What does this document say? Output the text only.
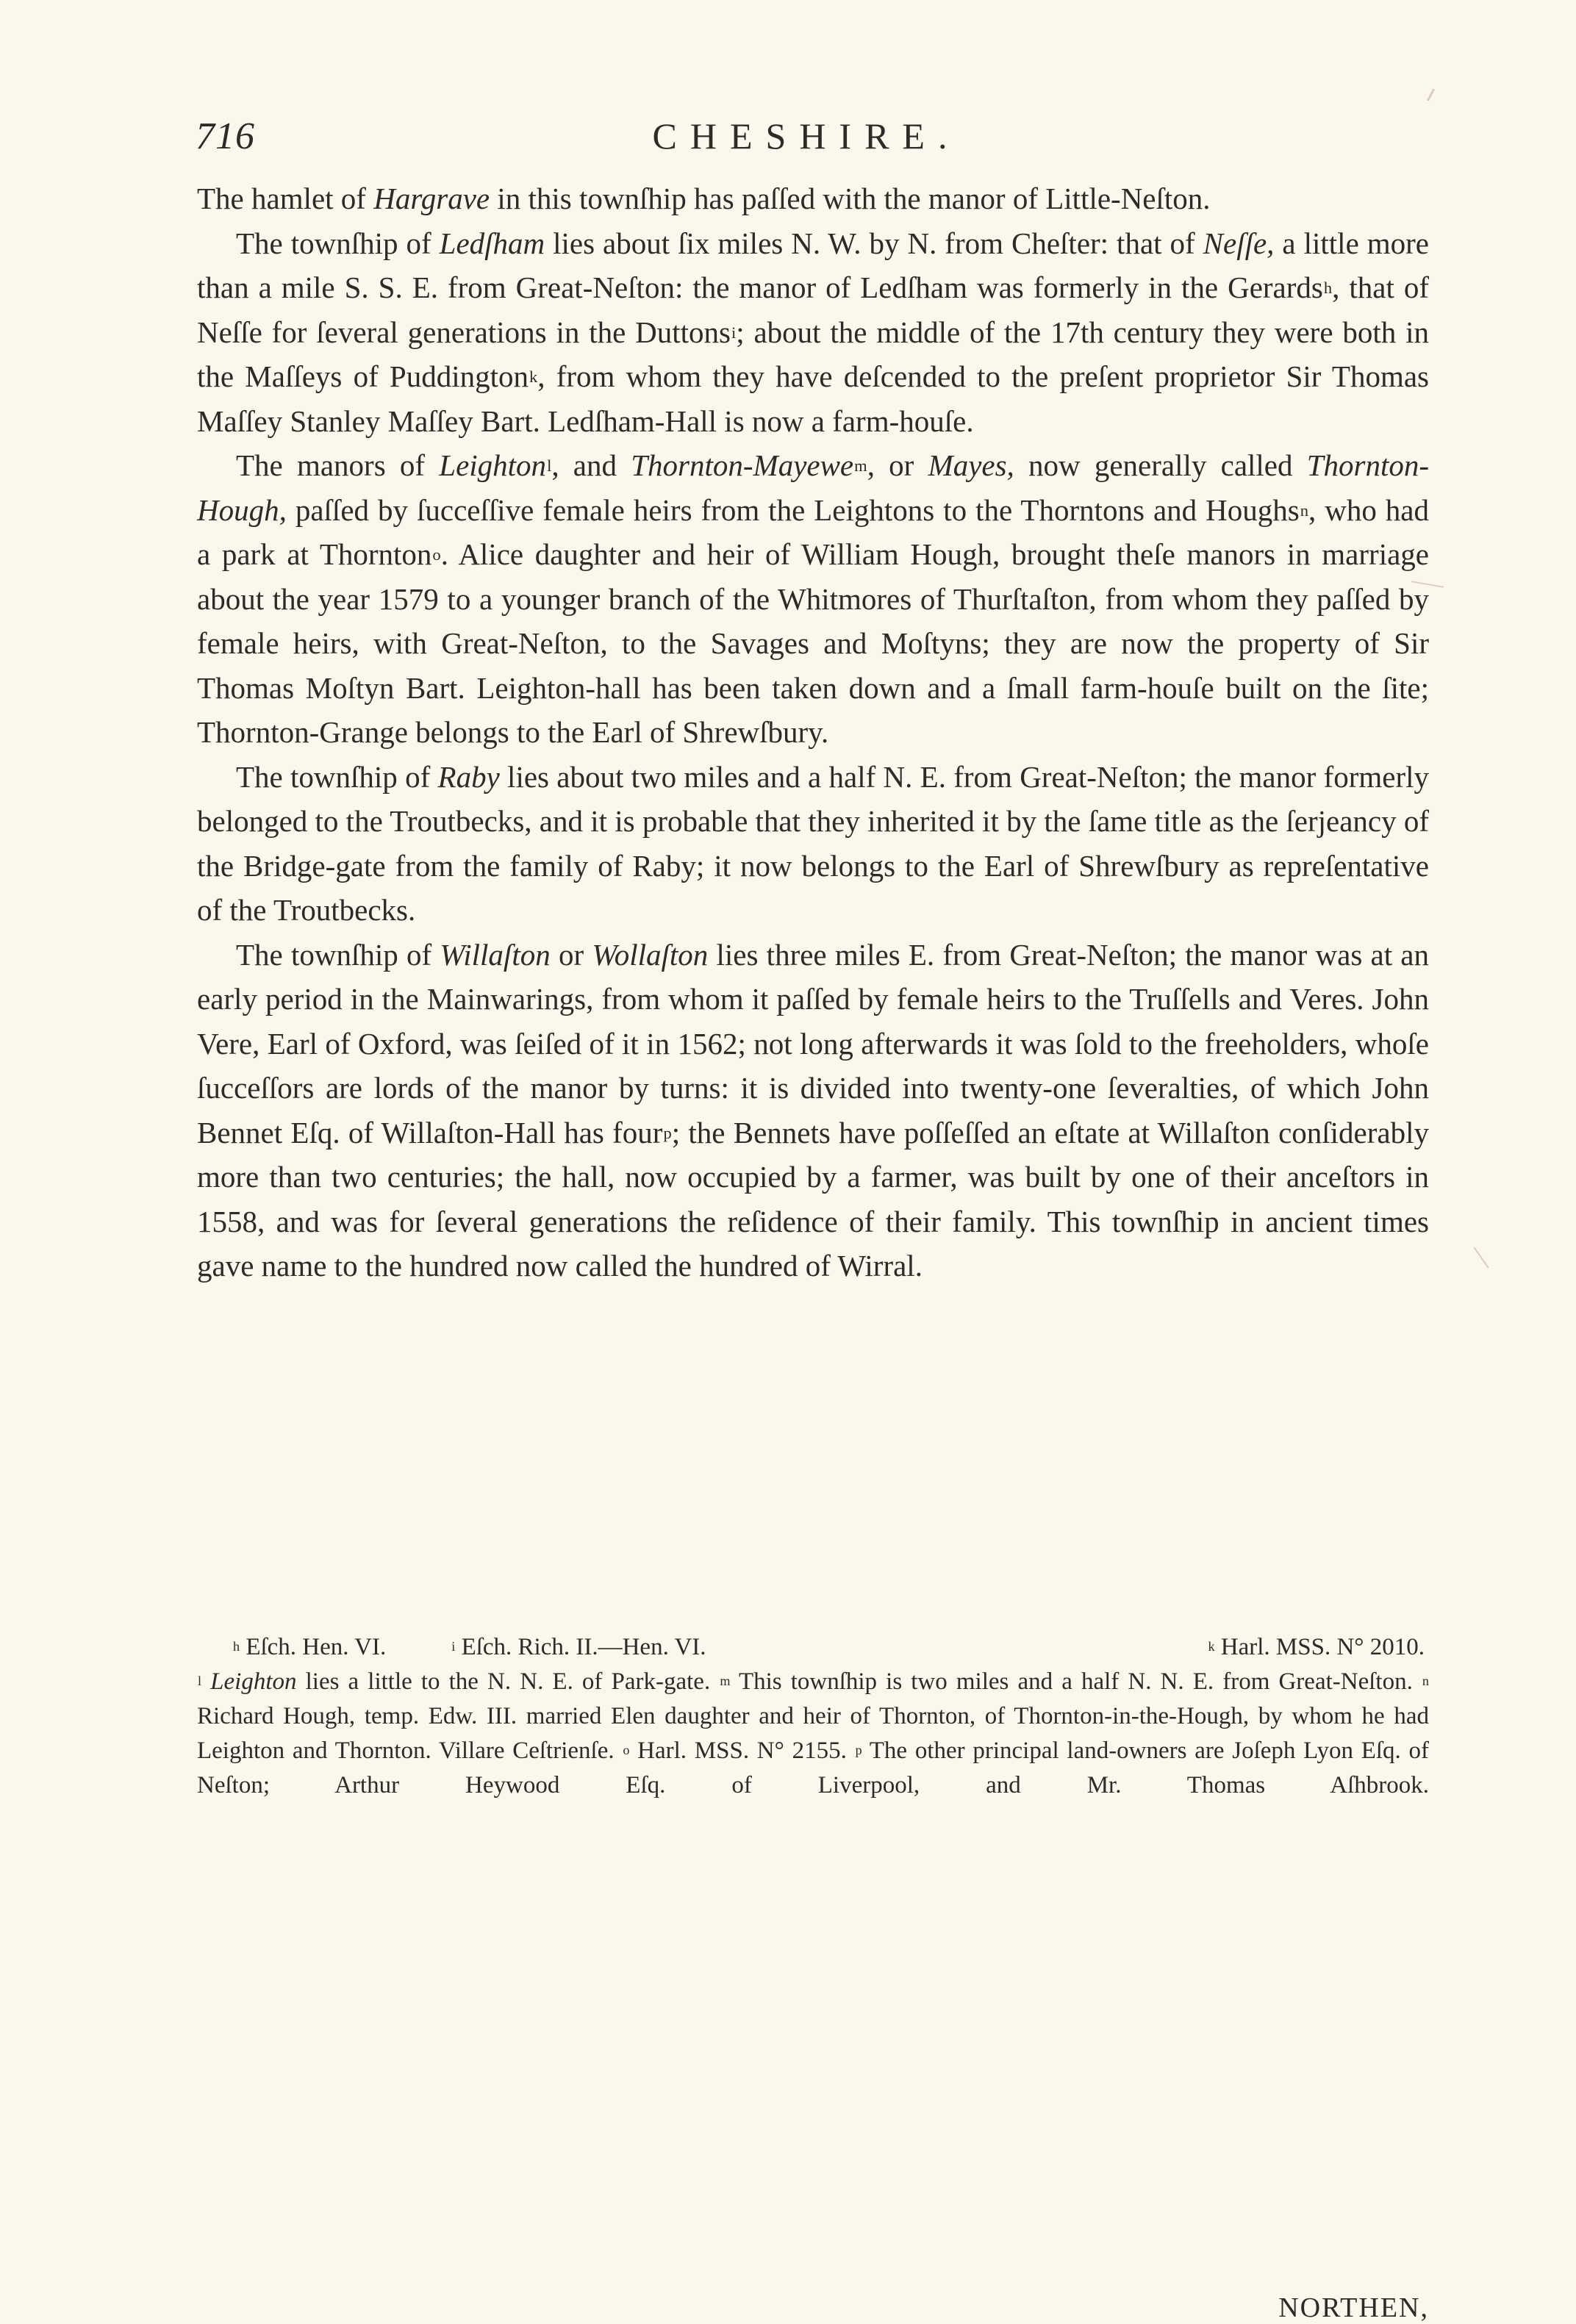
716	CHESHIRE.

The hamlet of Hargrave in this townſhip has paſſed with the manor of Little-Neſton.

The townſhip of Ledſham lies about ſix miles N. W. by N. from Cheſter: that of Neſſe, a little more than a mile S. S. E. from Great-Neſton: the manor of Ledſham was formerly in the Gerards$^h$, that of Neſſe for ſeveral generations in the Duttons$^i$; about the middle of the 17th century they were both in the Maſſeys of Puddington$^k$, from whom they have deſcended to the preſent proprietor Sir Thomas Maſſey Stanley Maſſey Bart. Ledſham-Hall is now a farm-houſe.

The manors of Leighton$^l$, and Thornton-Mayewe$^m$, or Mayes, now generally called Thornton-Hough, paſſed by ſucceſſive female heirs from the Leightons to the Thorntons and Houghs$^n$, who had a park at Thornton$^o$. Alice daughter and heir of William Hough, brought theſe manors in marriage about the year 1579 to a younger branch of the Whitmores of Thurſtaſton, from whom they paſſed by female heirs, with Great-Neſton, to the Savages and Moſtyns; they are now the property of Sir Thomas Moſtyn Bart. Leighton-hall has been taken down and a ſmall farm-houſe built on the ſite; Thornton-Grange belongs to the Earl of Shrewſbury.

The townſhip of Raby lies about two miles and a half N. E. from Great-Neſton; the manor formerly belonged to the Troutbecks, and it is probable that they inherited it by the ſame title as the ſerjeancy of the Bridge-gate from the family of Raby; it now belongs to the Earl of Shrewſbury as repreſentative of the Troutbecks.

The townſhip of Willaſton or Wollaſton lies three miles E. from Great-Neſton; the manor was at an early period in the Mainwarings, from whom it paſſed by female heirs to the Truſſells and Veres. John Vere, Earl of Oxford, was ſeiſed of it in 1562; not long afterwards it was ſold to the freeholders, whoſe ſucceſſors are lords of the manor by turns: it is divided into twenty-one ſeveralties, of which John Bennet Eſq. of Willaſton-Hall has four$^p$; the Bennets have poſſeſſed an eſtate at Willaſton conſiderably more than two centuries; the hall, now occupied by a farmer, was built by one of their anceſtors in 1558, and was for ſeveral generations the reſidence of their family. This townſhip in ancient times gave name to the hundred now called the hundred of Wirral.

$^h$ Eſch. Hen. VI.	$^i$ Eſch. Rich. II.—Hen. VI.	$^k$ Harl. MSS. N° 2010.
$^l$ Leighton lies a little to the N. N. E. of Park-gate. $^m$ This townſhip is two miles and a half N. N. E. from Great-Neſton. $^n$ Richard Hough, temp. Edw. III. married Elen daughter and heir of Thornton, of Thornton-in-the-Hough, by whom he had Leighton and Thornton. Villare Ceſtrienſe. $^o$ Harl. MSS. N° 2155. $^p$ The other principal land-owners are Joſeph Lyon Eſq. of Neſton; Arthur Heywood Eſq. of Liverpool, and Mr. Thomas Aſhbrook.
NORTHEN,
